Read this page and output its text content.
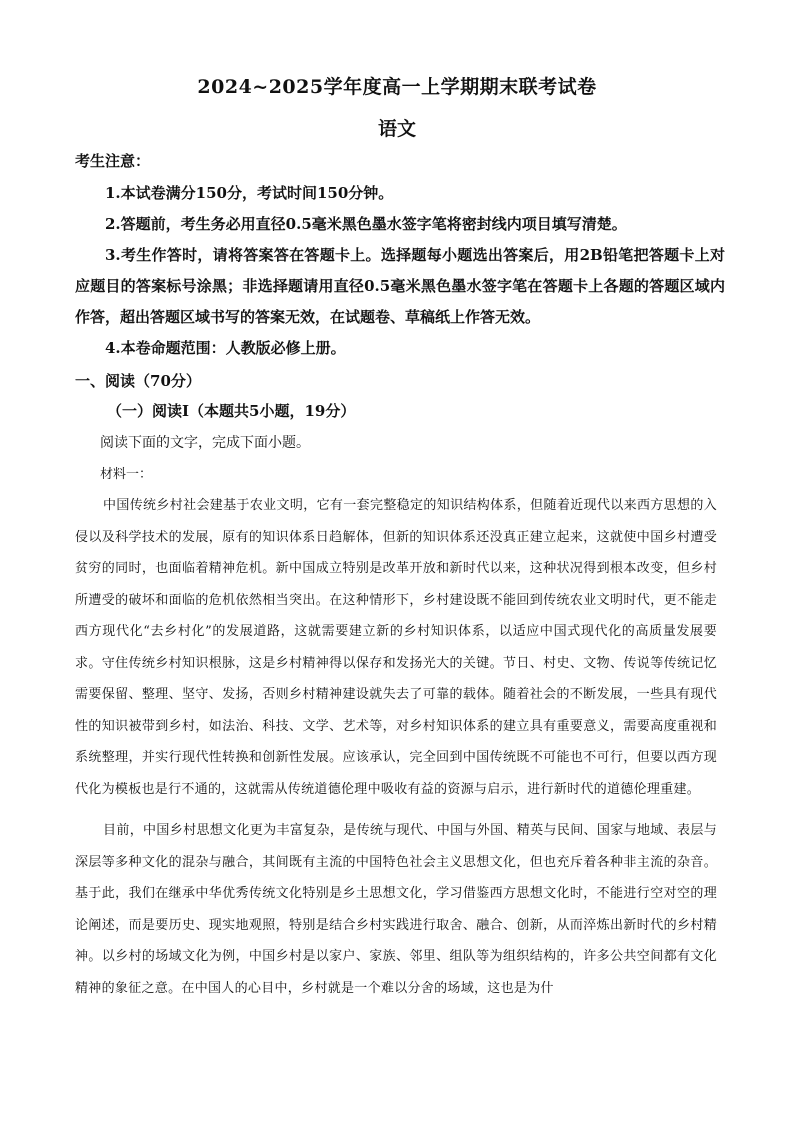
2024~2025学年度高一上学期期末联考试卷
语文
考生注意：

1.本试卷满分150分，考试时间150分钟。

2.答题前，考生务必用直径0.5毫米黑色墨水签字笔将密封线内项目填写清楚。

3.考生作答时，请将答案答在答题卡上。选择题每小题选出答案后，用2B铅笔把答题卡上对应题目的答案标号涂黑；非选择题请用直径0.5毫米黑色墨水签字笔在答题卡上各题的答题区域内作答，超出答题区域书写的答案无效，在试题卷、草稿纸上作答无效。

4.本卷命题范围：人教版必修上册。

一、阅读（70分）
（一）阅读Ⅰ（本题共5小题，19分）
阅读下面的文字，完成下面小题。
材料一：

中国传统乡村社会建基于农业文明，它有一套完整稳定的知识结构体系，但随着近现代以来西方思想的入侵以及科学技术的发展，原有的知识体系日趋解体，但新的知识体系还没真正建立起来，这就使中国乡村遭受贫穷的同时，也面临着精神危机。新中国成立特别是改革开放和新时代以来，这种状况得到根本改变，但乡村所遭受的破坏和面临的危机依然相当突出。在这种情形下，乡村建设既不能回到传统农业文明时代，更不能走西方现代化“去乡村化”的发展道路，这就需要建立新的乡村知识体系，以适应中国式现代化的高质量发展要求。守住传统乡村知识根脉，这是乡村精神得以保存和发扬光大的关键。节日、村史、文物、传说等传统记忆需要保留、整理、坚守、发扬，否则乡村精神建设就失去了可靠的载体。随着社会的不断发展，一些具有现代性的知识被带到乡村，如法治、科技、文学、艺术等，对乡村知识体系的建立具有重要意义，需要高度重视和系统整理，并实行现代性转换和创新性发展。应该承认，完全回到中国传统既不可能也不可行，但要以西方现代化为模板也是行不通的，这就需从传统道德伦理中吸收有益的资源与启示，进行新时代的道德伦理重建。

目前，中国乡村思想文化更为丰富复杂，是传统与现代、中国与外国、精英与民间、国家与地域、表层与深层等多种文化的混杂与融合，其间既有主流的中国特色社会主义思想文化，但也充斥着各种非主流的杂音。基于此，我们在继承中华优秀传统文化特别是乡土思想文化，学习借鉴西方思想文化时，不能进行空对空的理论阐述，而是要历史、现实地观照，特别是结合乡村实践进行取舍、融合、创新，从而淬炼出新时代的乡村精神。以乡村的场域文化为例，中国乡村是以家户、家族、邻里、组队等为组织结构的，许多公共空间都有文化精神的象征之意。在中国人的心目中，乡村就是一个难以分舍的场域，这也是为什
